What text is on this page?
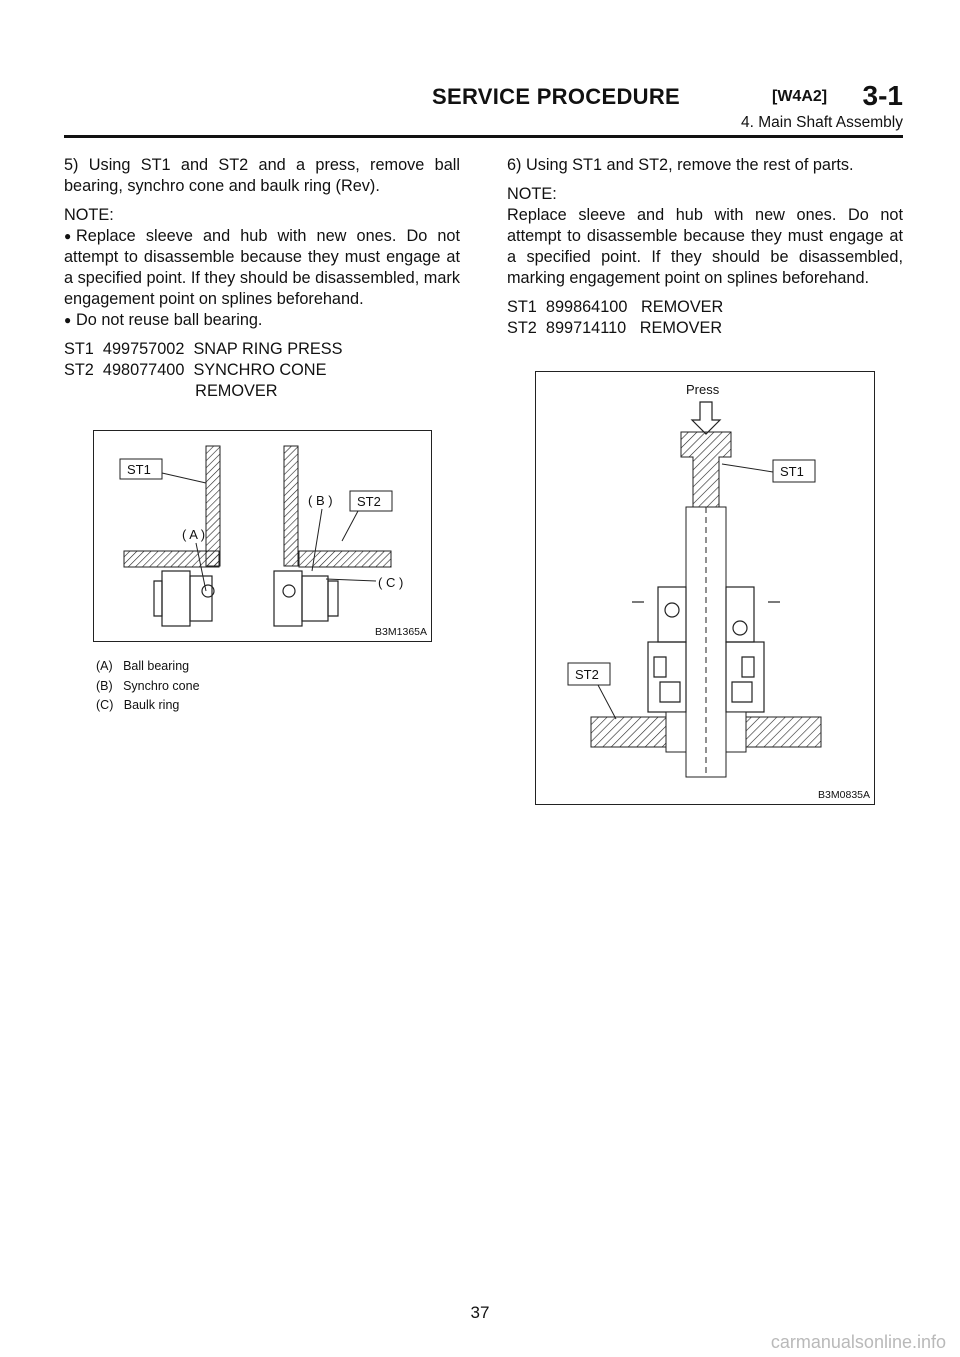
SERVICE PROCEDURE	[W4A2] 3-1
4. Main Shaft Assembly

5) Using ST1 and ST2 and a press, remove ball bearing, synchro cone and baulk ring (Rev).

NOTE:

● Replace sleeve and hub with new ones. Do not attempt to disassemble because they must engage at a specified point. If they should be disassembled, mark engagement point on splines beforehand.

● Do not reuse ball bearing.

ST1  499757002  SNAP RING PRESS

ST2  498077400  SYNCHRO CONE

REMOVER

ST1
ST2
( A )
( B )
( C )
B3M1365A
(A)   Ball bearing
(B)   Synchro cone
(C)   Baulk ring

6) Using ST1 and ST2, remove the rest of parts.

NOTE:

Replace sleeve and hub with new ones. Do not attempt to disassemble because they must engage at a specified point. If they should be disassembled, marking engagement point on splines beforehand.

ST1  899864100   REMOVER

ST2  899714110   REMOVER

Press
ST1
ST2
B3M0835A
37
carmanualsonline.info
